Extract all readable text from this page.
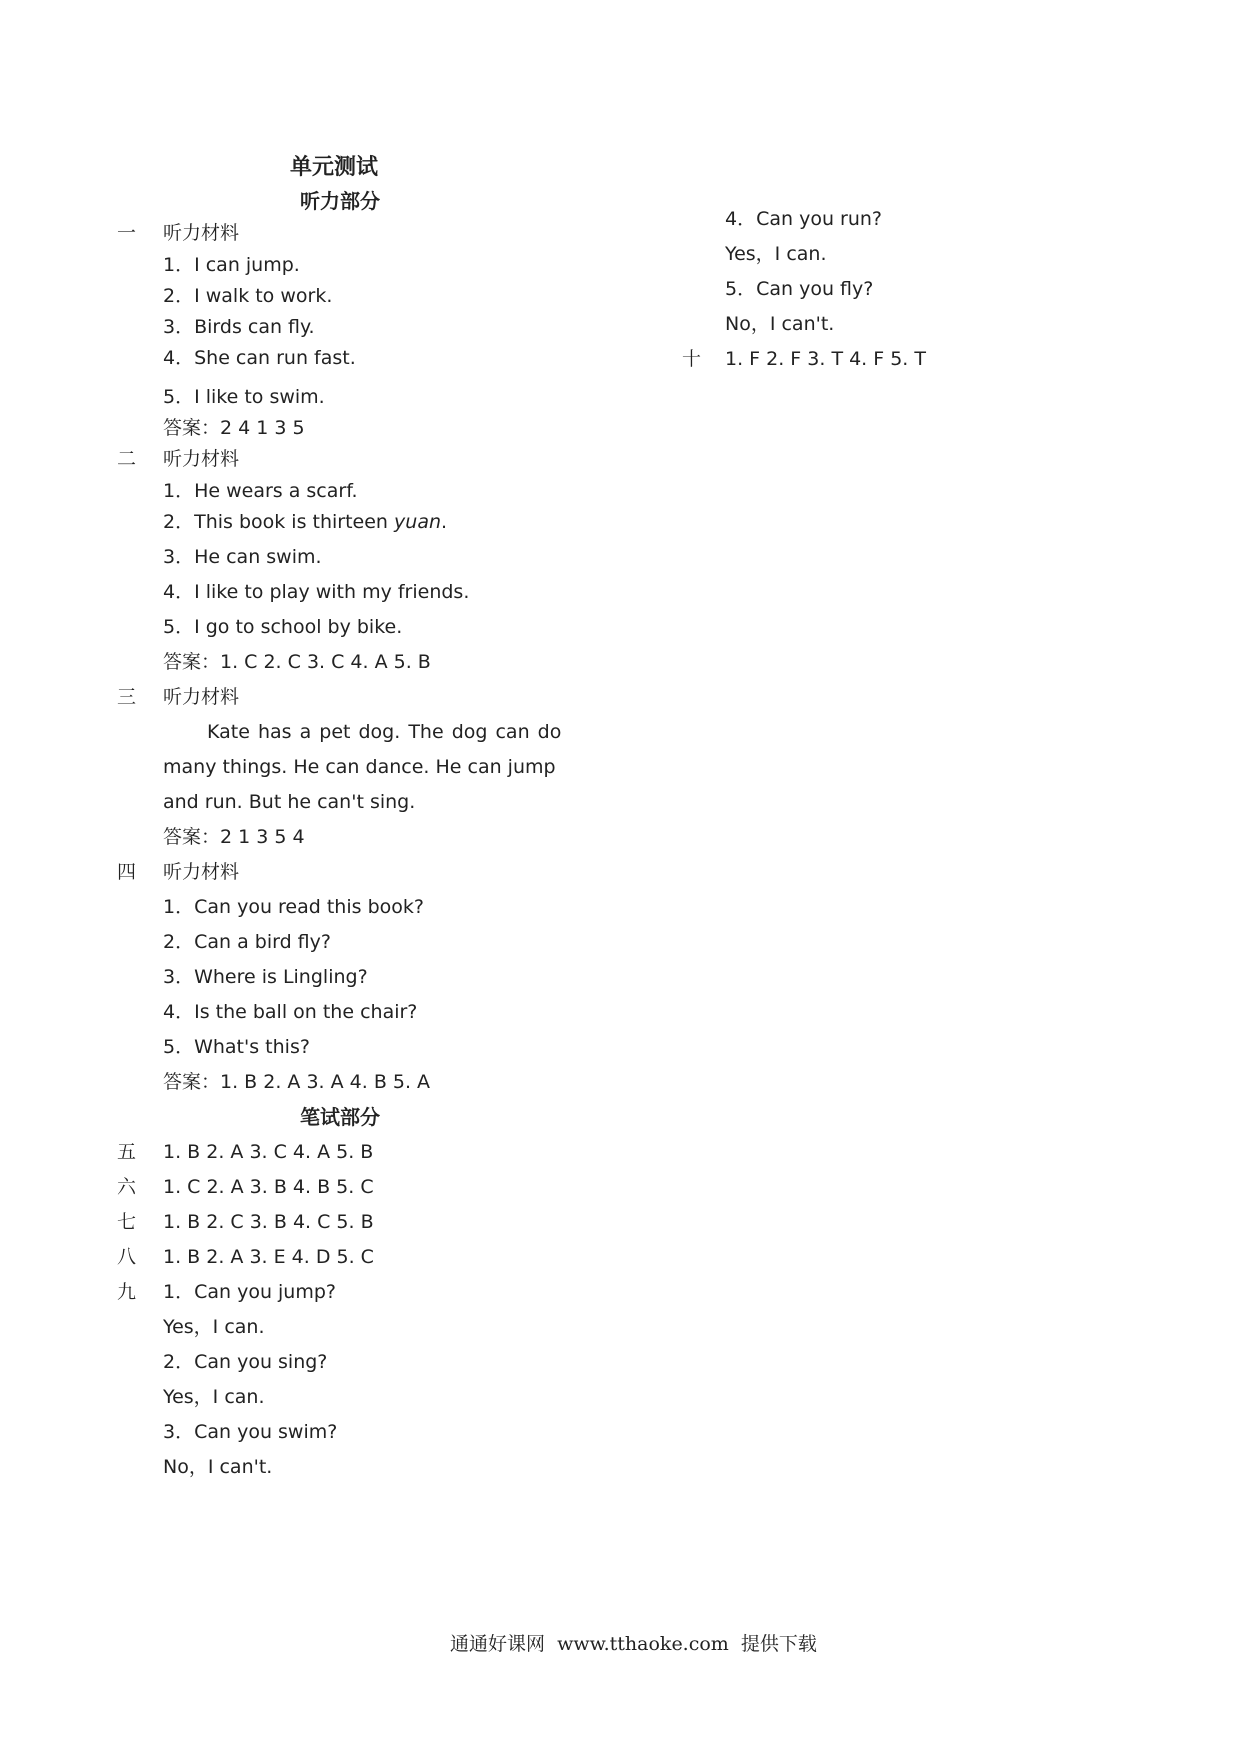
单元测试
听力部分
一 听力材料
1．I can jump.
2．I walk to work.
3．Birds can fly.
4．She can run fast.
5．I like to swim.
答案：2 4 1 3 5
二 听力材料
1．He wears a scarf.
2．This book is thirteen yuan.
3．He can swim.
4．I like to play with my friends.
5．I go to school by bike.
答案：1. C 2. C 3. C 4. A 5. B
三 听力材料
Kate has a pet dog. The dog can do
many things. He can dance. He can jump
and run. But he can't sing.
答案：2 1 3 5 4
四 听力材料
1．Can you read this book?
2．Can a bird fly?
3．Where is Lingling?
4．Is the ball on the chair?
5．What's this?
答案：1. B 2. A 3. A 4. B 5. A
笔试部分
五 1. B 2. A 3. C 4. A 5. B
六 1. C 2. A 3. B 4. B 5. C
七 1. B 2. C 3. B 4. C 5. B
八 1. B 2. A 3. E 4. D 5. C
九 1．Can you jump?
Yes，I can.
2．Can you sing?
Yes，I can.
3．Can you swim?
No，I can't.
4．Can you run?
Yes，I can.
5．Can you fly?
No，I can't.
十 1. F 2. F 3. T 4. F 5. T
通通好课网  www.tthaoke.com  提供下载
